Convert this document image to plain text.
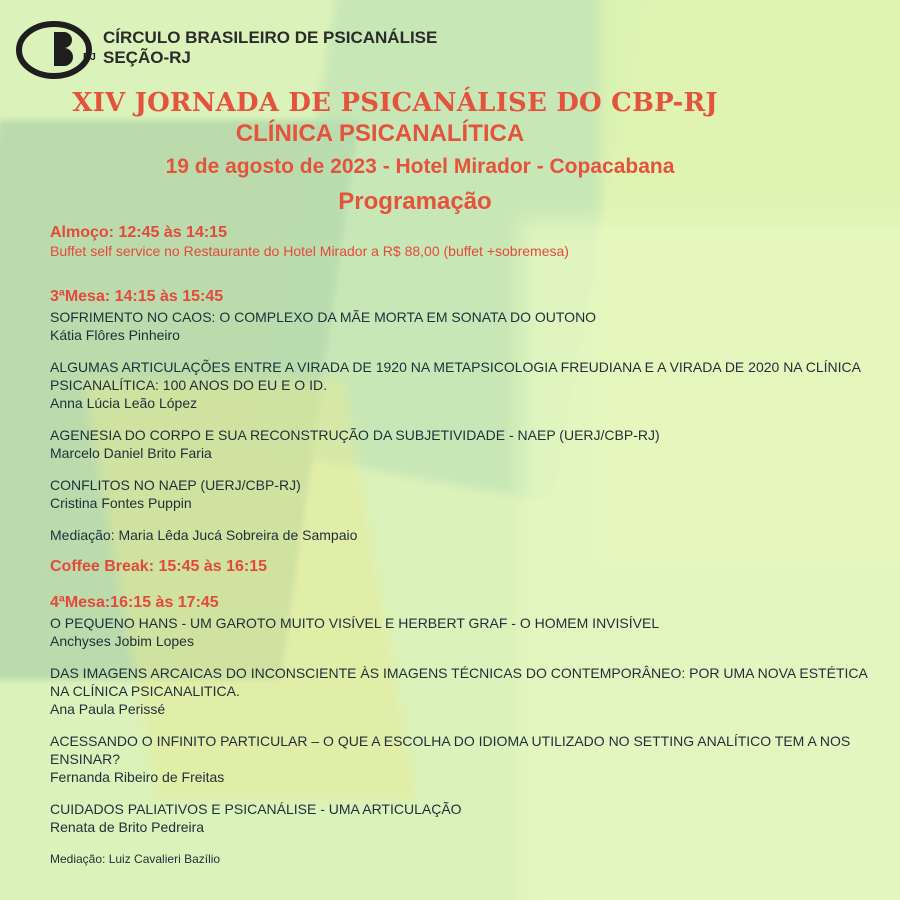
RJ
CÍRCULO BRASILEIRO DE PSICANÁLISE
SEÇÃO-RJ
XIV JORNADA DE PSICANÁLISE DO CBP-RJ
CLÍNICA PSICANALÍTICA
19 de agosto de 2023 - Hotel Mirador - Copacabana
Programação
Almoço: 12:45 às 14:15
Buffet self service no Restaurante do Hotel Mirador a R$ 88,00 (buffet +sobremesa)
3ªMesa: 14:15 às 15:45
SOFRIMENTO NO CAOS: O COMPLEXO DA MÃE MORTA EM SONATA DO OUTONO
Kátia Flôres Pinheiro
ALGUMAS ARTICULAÇÕES ENTRE A VIRADA DE 1920 NA METAPSICOLOGIA FREUDIANA E A VIRADA DE 2020 NA CLÍNICA PSICANALÍTICA: 100 ANOS DO EU E O ID.
Anna Lúcia Leão López
AGENESIA DO CORPO E SUA RECONSTRUÇÃO DA SUBJETIVIDADE - NAEP (UERJ/CBP-RJ)
Marcelo Daniel Brito Faria
CONFLITOS NO NAEP (UERJ/CBP-RJ)
Cristina Fontes Puppin
Mediação: Maria Lêda Jucá Sobreira de Sampaio
Coffee Break: 15:45 às 16:15
4ªMesa:16:15 às 17:45
O PEQUENO HANS - UM GAROTO MUITO VISÍVEL E HERBERT GRAF - O HOMEM INVISÍVEL
Anchyses Jobim Lopes
DAS IMAGENS ARCAICAS DO INCONSCIENTE ÀS IMAGENS TÉCNICAS DO CONTEMPORÂNEO: POR UMA NOVA ESTÉTICA NA CLÍNICA PSICANALITICA.
Ana Paula Perissé
ACESSANDO O INFINITO PARTICULAR – O QUE A ESCOLHA DO IDIOMA UTILIZADO NO SETTING ANALÍTICO TEM A NOS ENSINAR?
Fernanda Ribeiro de Freitas
CUIDADOS PALIATIVOS E PSICANÁLISE - UMA ARTICULAÇÃO
Renata de Brito Pedreira
Mediação: Luiz Cavalieri Bazílio
